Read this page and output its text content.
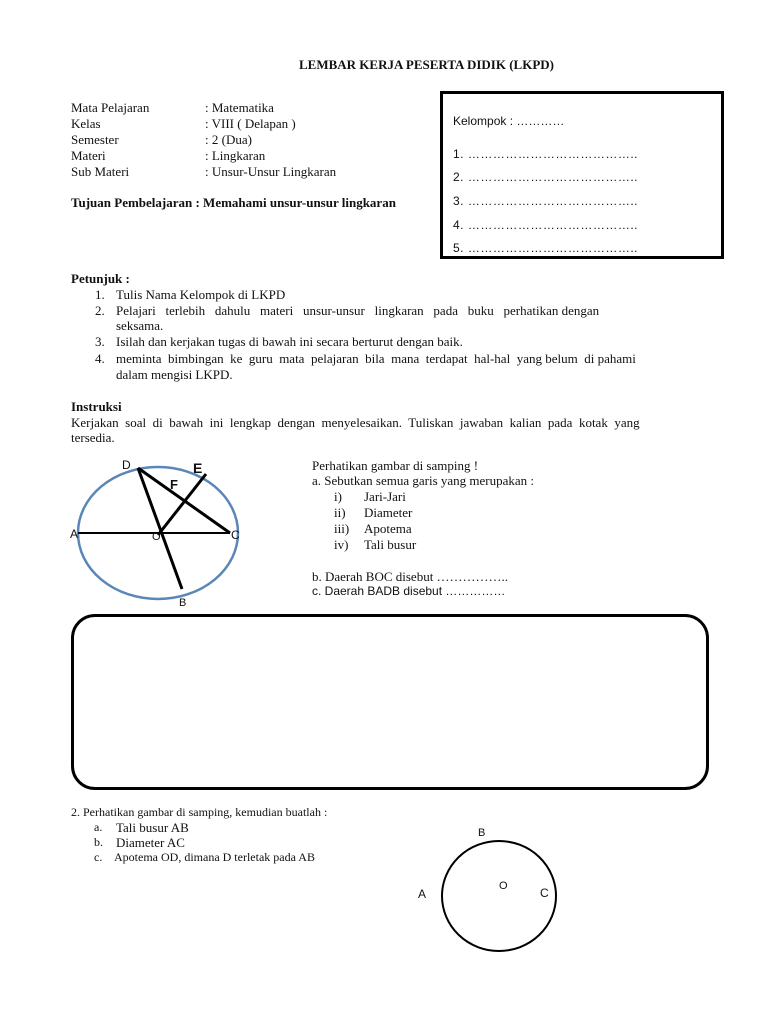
LEMBAR KERJA PESERTA DIDIK (LKPD)
Mata Pelajaran	: Matematika
Kelas	: VIII ( Delapan )
Semester	: 2 (Dua)
Materi	: Lingkaran
Sub Materi	: Unsur-Unsur Lingkaran
Tujuan Pembelajaran : Memahami unsur-unsur lingkaran
Kelompok : …………
1. …………………………………..
2. …………………………………..
3. …………………………………..
4. …………………………………..
5. …………………………………..
Petunjuk :
1. Tulis Nama Kelompok di LKPD
2. Pelajari   terlebih   dahulu   materi   unsur-unsur   lingkaran   pada   buku   perhatikan dengan
seksama.
3. Isilah dan kerjakan tugas di bawah ini secara berturut dengan baik.
4. meminta  bimbingan  ke  guru  mata  pelajaran  bila  mana  terdapat  hal-hal  yang belum  di pahami
dalam mengisi LKPD.
Instruksi
Kerjakan  soal  di  bawah  ini  lengkap  dengan  menyelesaikan.  Tuliskan  jawaban  kalian  pada  kotak  yang
tersedia.
D	E
F
A	O	C
B
Perhatikan gambar di samping !
a. Sebutkan semua garis yang merupakan :
i) Jari-Jari
ii) Diameter
iii) Apotema
iv) Tali busur
b. Daerah BOC disebut ……………..
c. Daerah BADB disebut ……………
2. Perhatikan gambar di samping, kemudian buatlah :
a. Tali busur AB
b. Diameter AC
c. Apotema OD, dimana D terletak pada AB
B
O
A	C
